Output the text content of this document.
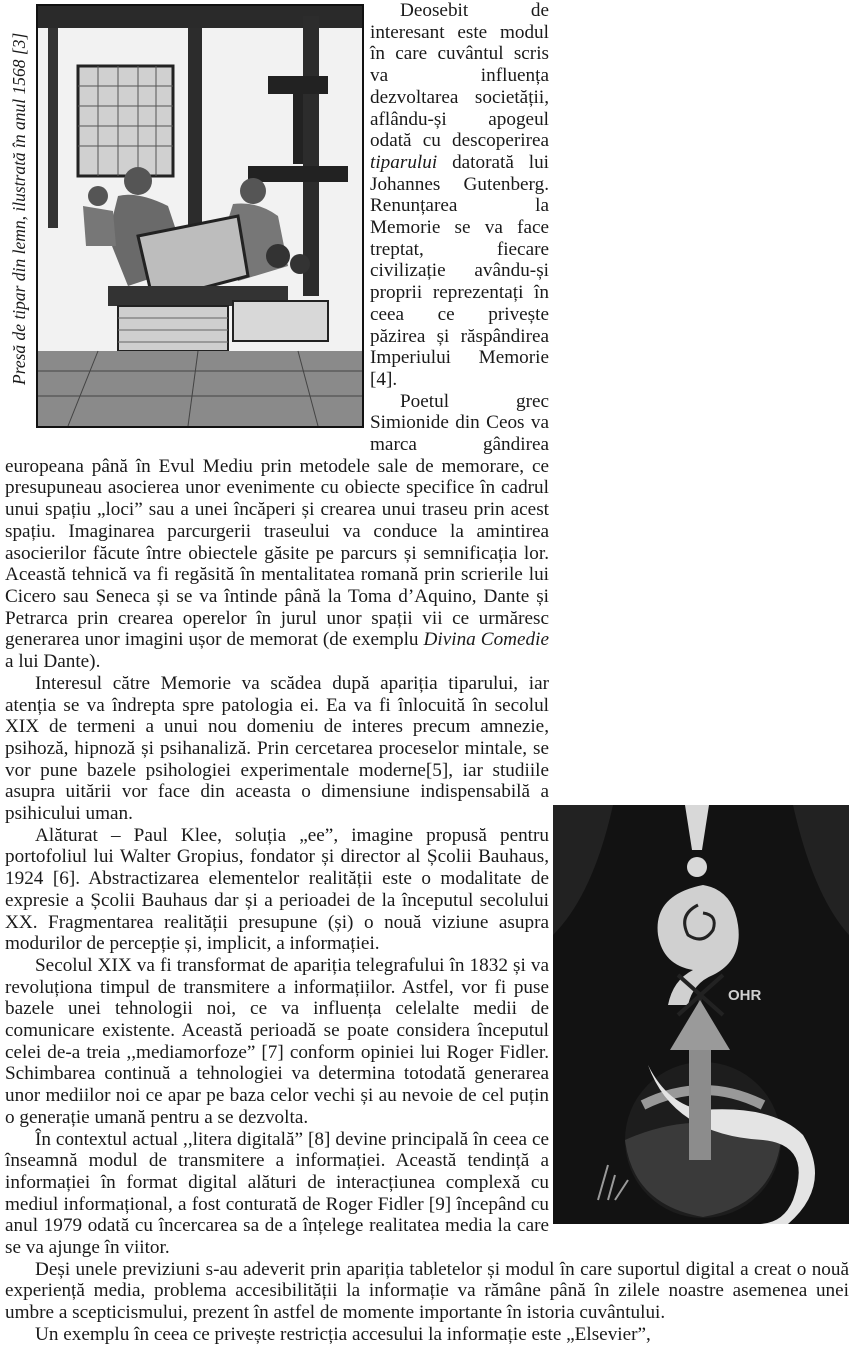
Presă de tipar din lemn, ilustrată în anul 1568 [3]
OHR

Deosebit de interesant este modul în care cuvântul scris va influența dezvoltarea societății, aflându-și apogeul odată cu descoperirea tiparului datorată lui Johannes Gutenberg. Renunțarea la Memorie se va face treptat, fiecare civilizație avându-și proprii reprezentați în ceea ce privește păzirea și răspândirea Imperiului Memorie [4].

Poetul grec Simionide din Ceos va marca gândirea europeana până în Evul Mediu prin metodele sale de memorare, ce presupuneau asocierea unor evenimente cu obiecte specifice în cadrul unui spațiu „loci” sau a unei încăperi și crearea unui traseu prin acest spațiu. Imaginarea parcurgerii traseului va conduce la amintirea asocierilor făcute între obiectele găsite pe parcurs și semnificația lor. Această tehnică va fi regăsită în mentalitatea romană prin scrierile lui Cicero sau Seneca și se va întinde până la Toma d’Aquino, Dante și Petrarca prin crearea operelor în jurul unor spații vii ce urmăresc generarea unor imagini ușor de memorat (de exemplu Divina Comedie a lui Dante).

Interesul către Memorie va scădea după apariția tiparului, iar atenția se va îndrepta spre patologia ei. Ea va fi înlocuită în secolul XIX de termeni a unui nou domeniu de interes precum amnezie, psihoză, hipnoză și psihanaliză. Prin cercetarea proceselor mintale, se vor pune bazele psihologiei experimentale moderne[5], iar studiile asupra uitării vor face din aceasta o dimensiune indispensabilă a psihicului uman.

Alăturat – Paul Klee, soluția „ee”, imagine propusă pentru portofoliul lui Walter Gropius, fondator și director al Școlii Bauhaus, 1924 [6]. Abstractizarea elementelor realității este o modalitate de expresie a Școlii Bauhaus dar și a perioadei de la începutul secolului XX. Fragmentarea realității presupune (și) o nouă viziune asupra modurilor de percepție și, implicit, a informației.

Secolul XIX va fi transformat de apariția telegrafului în 1832 și va revoluționa timpul de transmitere a informațiilor. Astfel, vor fi puse bazele unei tehnologii noi, ce va influența celelalte medii de comunicare existente. Această perioadă se poate considera începutul celei de-a treia ,,mediamorfoze” [7] conform opiniei lui Roger Fidler. Schimbarea continuă a tehnologiei va determina totodată generarea unor mediilor noi ce apar pe baza celor vechi și au nevoie de cel puțin o generație umană pentru a se dezvolta.

În contextul actual ,,litera digitală” [8] devine principală în ceea ce înseamnă modul de transmitere a informației. Această tendință a informației în format digital alături de interacțiunea complexă cu mediul informațional, a fost conturată de Roger Fidler [9] începând cu anul 1979 odată cu încercarea sa de a înțelege realitatea media la care se va ajunge în viitor.

Deși unele previziuni s-au adeverit prin apariția tabletelor și modul în care suportul digital a creat o nouă experiență media, problema accesibilității la informație va rămâne până în zilele noastre asemenea unei umbre a scepticismului, prezent în astfel de momente importante în istoria cuvântului.

Un exemplu în ceea ce privește restricția accesului la informație este „Elsevier”,
